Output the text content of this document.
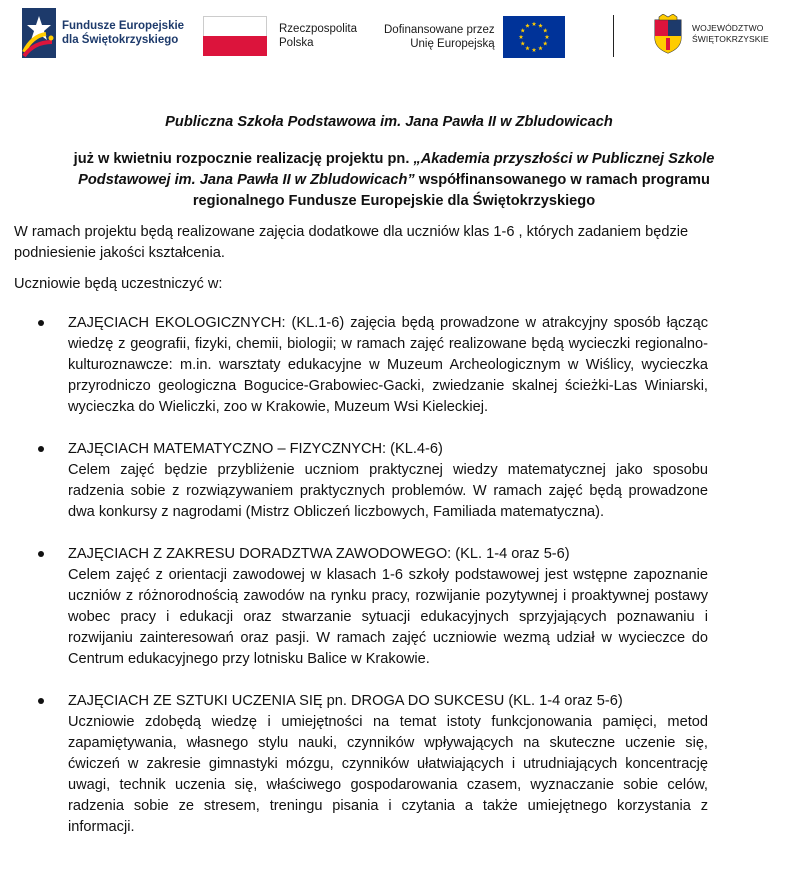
Fundusze Europejskie
dla Świętokrzyskiego
Rzeczpospolita
Polska
Dofinansowane przez
Unię Europejską
WOJEWÓDZTWO
ŚWIĘTOKRZYSKIE
Publiczna Szkoła Podstawowa im. Jana Pawła II w Zbludowicach
już w kwietniu rozpocznie realizację projektu pn. „Akademia przyszłości w Publicznej Szkole Podstawowej im. Jana Pawła II w Zbludowicach” współfinansowanego w ramach programu regionalnego Fundusze Europejskie dla Świętokrzyskiego
W ramach projektu będą realizowane zajęcia dodatkowe dla uczniów klas 1-6 , których zadaniem będzie podniesienie jakości kształcenia.
Uczniowie będą uczestniczyć w:
ZAJĘCIACH EKOLOGICZNYCH: (KL.1-6) zajęcia będą prowadzone w atrakcyjny sposób łącząc wiedzę z geografii, fizyki, chemii, biologii; w ramach zajęć realizowane będą wycieczki regionalno-kulturoznawcze: m.in. warsztaty edukacyjne w Muzeum Archeologicznym w Wiślicy, wycieczka przyrodniczo geologiczna Bogucice-Grabowiec-Gacki, zwiedzanie skalnej ścieżki-Las Winiarski, wycieczka do Wieliczki, zoo w Krakowie, Muzeum Wsi Kieleckiej.
ZAJĘCIACH MATEMATYCZNO – FIZYCZNYCH: (KL.4-6)
Celem zajęć będzie przybliżenie uczniom praktycznej wiedzy matematycznej jako sposobu radzenia sobie z rozwiązywaniem praktycznych problemów. W ramach zajęć będą prowadzone dwa konkursy z nagrodami (Mistrz Obliczeń liczbowych, Familiada matematyczna).
ZAJĘCIACH Z ZAKRESU DORADZTWA ZAWODOWEGO: (KL. 1-4 oraz 5-6)
Celem zajęć z orientacji zawodowej w klasach 1-6 szkoły podstawowej jest wstępne zapoznanie uczniów z różnorodnością zawodów na rynku pracy, rozwijanie pozytywnej i proaktywnej postawy wobec pracy i edukacji oraz stwarzanie sytuacji edukacyjnych sprzyjających poznawaniu i rozwijaniu zainteresowań oraz pasji. W ramach zajęć uczniowie wezmą udział w wycieczce do Centrum edukacyjnego przy lotnisku Balice w Krakowie.
ZAJĘCIACH ZE SZTUKI UCZENIA SIĘ pn. DROGA DO SUKCESU (KL. 1-4 oraz 5-6)
Uczniowie zdobędą wiedzę i umiejętności na temat istoty funkcjonowania pamięci, metod zapamiętywania, własnego stylu nauki, czynników wpływających na skuteczne uczenie się, ćwiczeń w zakresie gimnastyki mózgu, czynników ułatwiających i utrudniających koncentrację uwagi, technik uczenia się, właściwego gospodarowania czasem, wyznaczanie sobie celów, radzenia sobie ze stresem, treningu pisania i czytania a także umiejętnego korzystania z informacji.
